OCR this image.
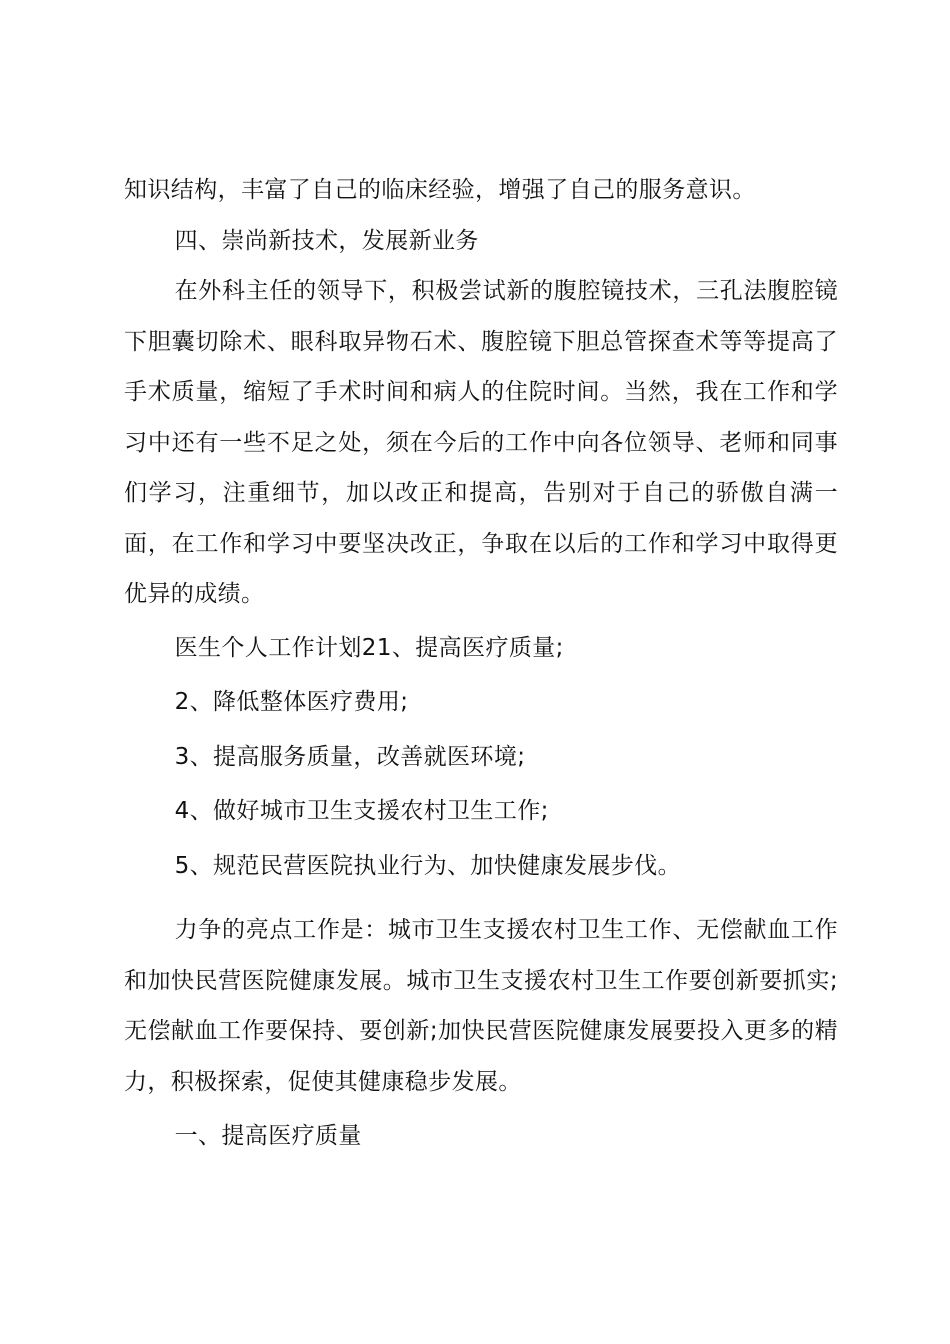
知识结构，丰富了自己的临床经验，增强了自己的服务意识。

四、崇尚新技术，发展新业务

在外科主任的领导下，积极尝试新的腹腔镜技术，三孔法腹腔镜下胆囊切除术、眼科取异物石术、腹腔镜下胆总管探查术等等提高了手术质量，缩短了手术时间和病人的住院时间。当然，我在工作和学习中还有一些不足之处，须在今后的工作中向各位领导、老师和同事们学习，注重细节，加以改正和提高，告别对于自己的骄傲自满一面，在工作和学习中要坚决改正，争取在以后的工作和学习中取得更优异的成绩。

医生个人工作计划21、提高医疗质量;

2、降低整体医疗费用;

3、提高服务质量，改善就医环境;

4、做好城市卫生支援农村卫生工作;

5、规范民营医院执业行为、加快健康发展步伐。

力争的亮点工作是：城市卫生支援农村卫生工作、无偿献血工作和加快民营医院健康发展。城市卫生支援农村卫生工作要创新要抓实;无偿献血工作要保持、要创新;加快民营医院健康发展要投入更多的精力，积极探索，促使其健康稳步发展。

一、提高医疗质量
